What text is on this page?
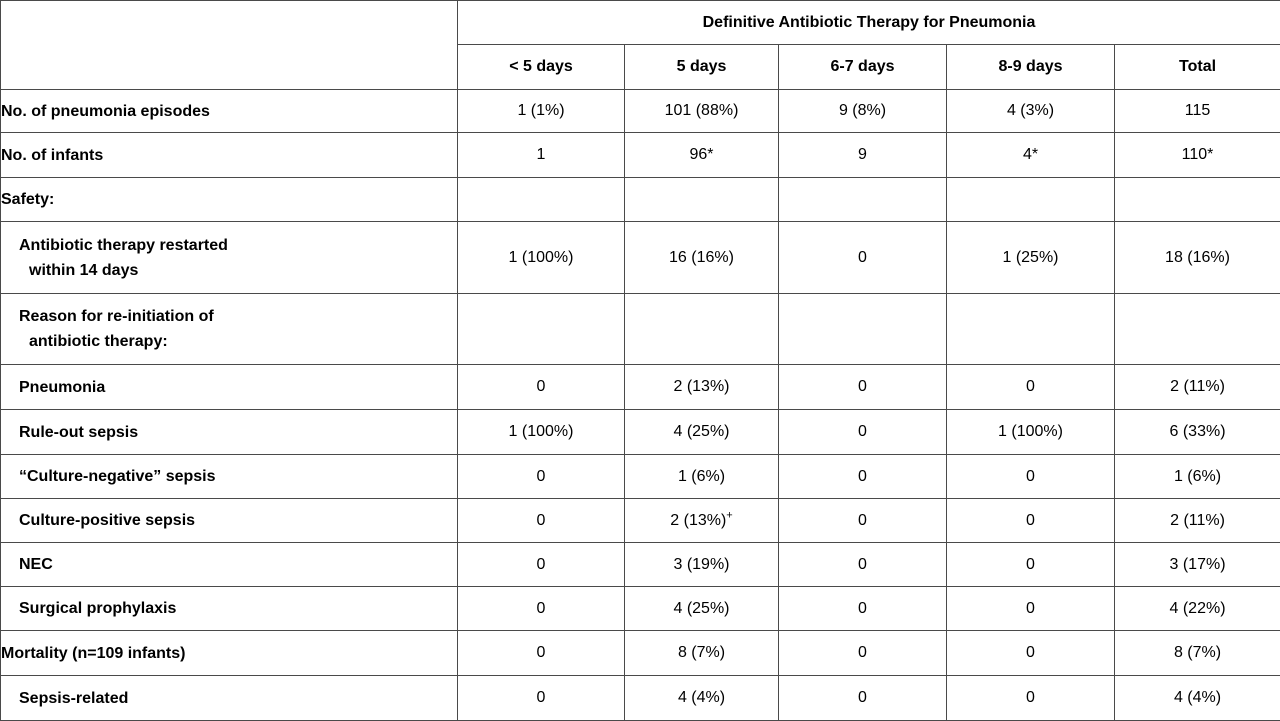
	Definitive Antibiotic Therapy for Pneumonia				
	< 5 days	5 days	6-7 days	8-9 days	Total
No. of pneumonia episodes	1 (1%)	101 (88%)	9 (8%)	4 (3%)	115
No. of infants	1	96*	9	4*	110*
Safety:					
Antibiotic therapy restarted
within 14 days	1 (100%)	16 (16%)	0	1 (25%)	18 (16%)
Reason for re-initiation of
antibiotic therapy:					
Pneumonia	0	2 (13%)	0	0	2 (11%)
Rule-out sepsis	1 (100%)	4 (25%)	0	1 (100%)	6 (33%)
“Culture-negative” sepsis	0	1 (6%)	0	0	1 (6%)
Culture-positive sepsis	0	2 (13%)+	0	0	2 (11%)
NEC	0	3 (19%)	0	0	3 (17%)
Surgical prophylaxis	0	4 (25%)	0	0	4 (22%)
Mortality (n=109 infants)	0	8 (7%)	0	0	8 (7%)
Sepsis-related	0	4 (4%)	0	0	4 (4%)
